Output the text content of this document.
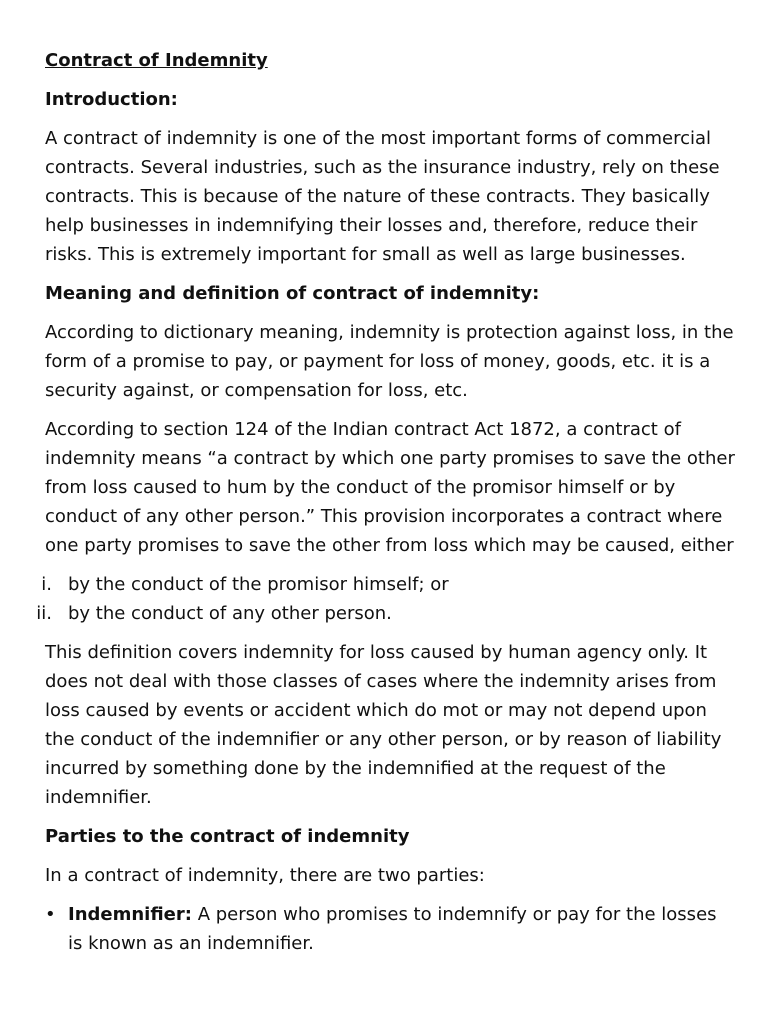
Contract of Indemnity
Introduction:
A contract of indemnity is one of the most important forms of commercial contracts. Several industries, such as the insurance industry, rely on these contracts. This is because of the nature of these contracts. They basically help businesses in indemnifying their losses and, therefore, reduce their risks. This is extremely important for small as well as large businesses.
Meaning and definition of contract of indemnity:
According to dictionary meaning, indemnity is protection against loss, in the form of a promise to pay, or payment for loss of money, goods, etc. it is a security against, or compensation for loss, etc.
According to section 124 of the Indian contract Act 1872, a contract of indemnity means “a contract by which one party promises to save the other from loss caused to hum by the conduct of the promisor himself or by conduct of any other person.” This provision incorporates a contract where one party promises to save the other from loss which may be caused, either
i. by the conduct of the promisor himself; or
ii. by the conduct of any other person.
This definition covers indemnity for loss caused by human agency only. It does not deal with those classes of cases where the indemnity arises from loss caused by events or accident which do mot or may not depend upon the conduct of the indemnifier or any other person, or by reason of liability incurred by something done by the indemnified at the request of the indemnifier.
Parties to the contract of indemnity
In a contract of indemnity, there are two parties:
• Indemnifier: A person who promises to indemnify or pay for the losses is known as an indemnifier.
